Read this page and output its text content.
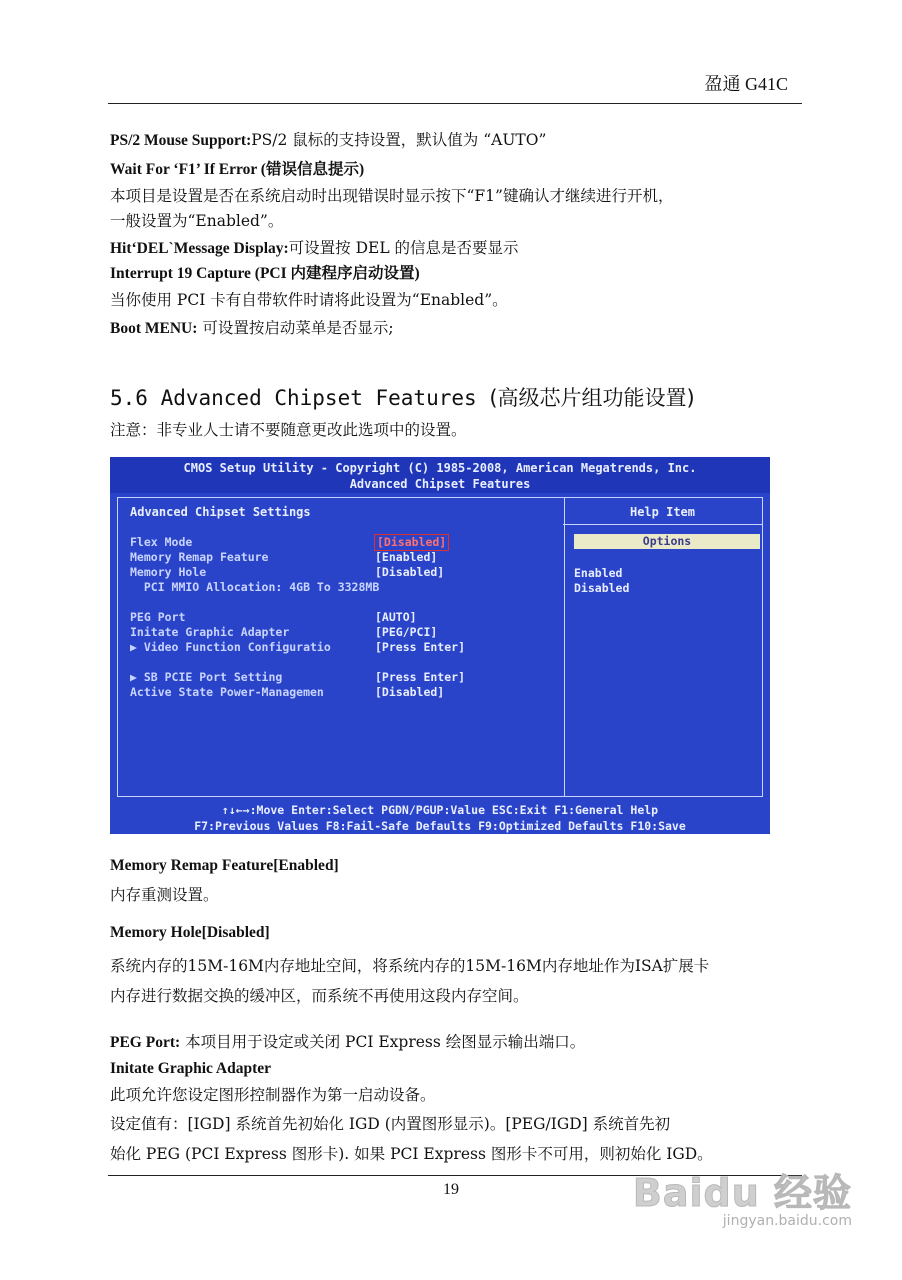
盈通 G41C
PS/2 Mouse Support:PS/2 鼠标的支持设置，默认值为 “AUTO”
Wait For ‘F1’ If Error (错误信息提示)
本项目是设置是否在系统启动时出现错误时显示按下“F1”键确认才继续进行开机，
一般设置为“Enabled”。
Hit‘DEL`Message Display:可设置按 DEL 的信息是否要显示
Interrupt 19 Capture (PCI 内建程序启动设置)
当你使用 PCI 卡有自带软件时请将此设置为“Enabled”。
Boot MENU: 可设置按启动菜单是否显示;
5.6 Advanced Chipset Features (高级芯片组功能设置)
注意：非专业人士请不要随意更改此选项中的设置。
CMOS Setup Utility - Copyright (C) 1985-2008, American Megatrends, Inc.
Advanced Chipset Features
Advanced Chipset Settings
Flex Mode	[Disabled]
Memory Remap Feature	[Enabled]
Memory Hole	[Disabled]
PCI MMIO Allocation: 4GB To 3328MB
PEG Port	[AUTO]
Initate Graphic Adapter	[PEG/PCI]
▶ Video Function Configuratio	[Press Enter]
▶ SB PCIE Port Setting	[Press Enter]
Active State Power-Managemen	[Disabled]
Help Item
Options
Enabled
Disabled
↑↓←→:Move Enter:Select PGDN/PGUP:Value ESC:Exit F1:General Help
F7:Previous Values F8:Fail-Safe Defaults F9:Optimized Defaults F10:Save
Memory Remap Feature[Enabled]
内存重测设置。
Memory Hole[Disabled]
系统内存的15M-16M内存地址空间，将系统内存的15M-16M内存地址作为ISA扩展卡
内存进行数据交换的缓冲区，而系统不再使用这段内存空间。
PEG Port: 本项目用于设定或关闭 PCI Express 绘图显示输出端口。
Initate Graphic Adapter
此项允许您设定图形控制器作为第一启动设备。
设定值有：[IGD] 系统首先初始化 IGD (内置图形显示)。[PEG/IGD] 系统首先初
始化 PEG (PCI Express 图形卡). 如果 PCI Express 图形卡不可用，则初始化 IGD。
19	Baidu 经验
jingyan.baidu.com
